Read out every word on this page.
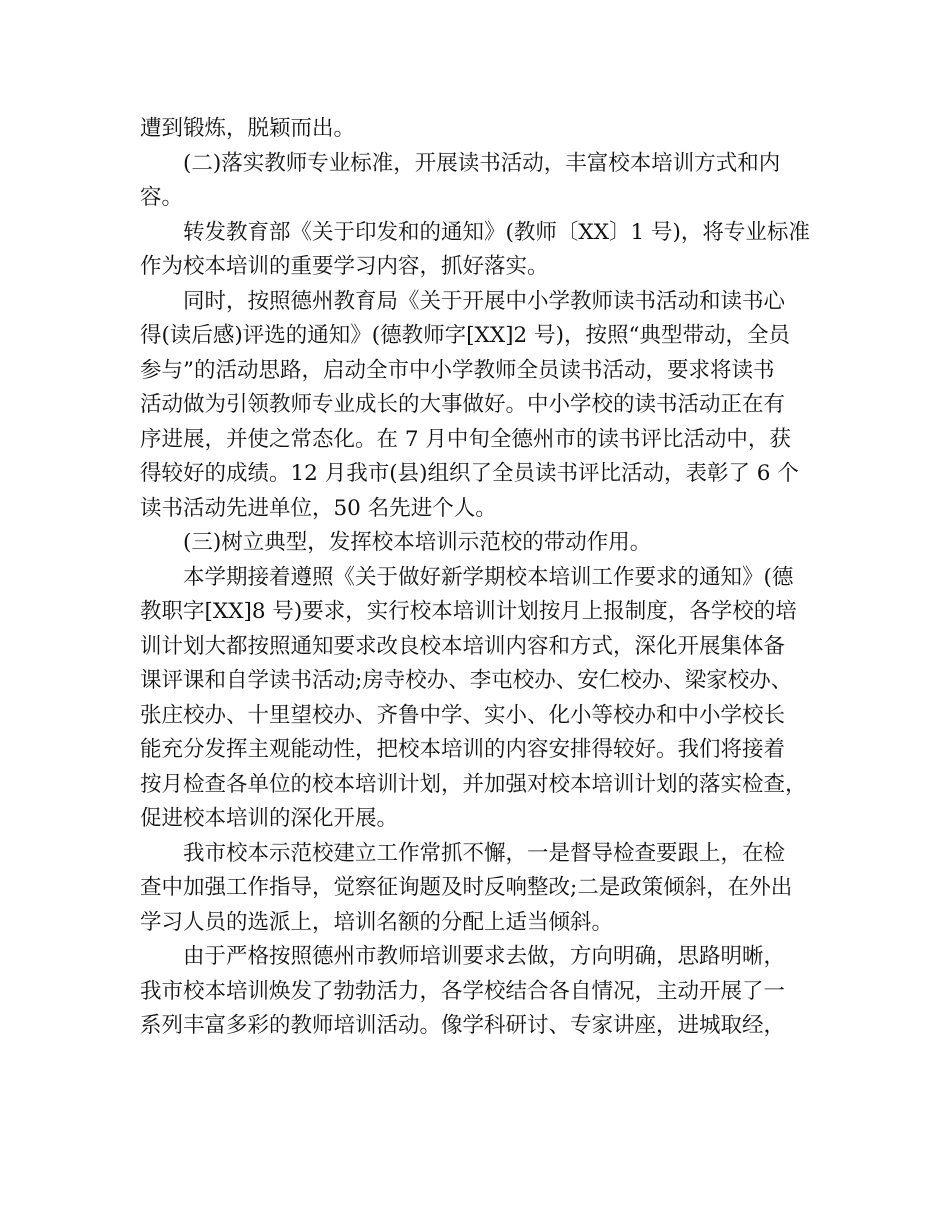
遭到锻炼，脱颖而出。
(二)落实教师专业标准，开展读书活动，丰富校本培训方式和内
容。
转发教育部《关于印发和的通知》(教师〔XX〕1 号)，将专业标准
作为校本培训的重要学习内容，抓好落实。
同时，按照德州教育局《关于开展中小学教师读书活动和读书心
得(读后感)评选的通知》(德教师字[XX]2 号)，按照“典型带动，全员
参与”的活动思路，启动全市中小学教师全员读书活动，要求将读书
活动做为引领教师专业成长的大事做好。中小学校的读书活动正在有
序进展，并使之常态化。在 7 月中旬全德州市的读书评比活动中，获
得较好的成绩。12 月我市(县)组织了全员读书评比活动，表彰了 6 个
读书活动先进单位，50 名先进个人。
(三)树立典型，发挥校本培训示范校的带动作用。
本学期接着遵照《关于做好新学期校本培训工作要求的通知》(德
教职字[XX]8 号)要求，实行校本培训计划按月上报制度，各学校的培
训计划大都按照通知要求改良校本培训内容和方式，深化开展集体备
课评课和自学读书活动;房寺校办、李屯校办、安仁校办、梁家校办、
张庄校办、十里望校办、齐鲁中学、实小、化小等校办和中小学校长
能充分发挥主观能动性，把校本培训的内容安排得较好。我们将接着
按月检查各单位的校本培训计划，并加强对校本培训计划的落实检查，
促进校本培训的深化开展。
我市校本示范校建立工作常抓不懈，一是督导检查要跟上，在检
查中加强工作指导，觉察征询题及时反响整改;二是政策倾斜，在外出
学习人员的选派上，培训名额的分配上适当倾斜。
由于严格按照德州市教师培训要求去做，方向明确，思路明晰，
我市校本培训焕发了勃勃活力，各学校结合各自情况，主动开展了一
系列丰富多彩的教师培训活动。像学科研讨、专家讲座，进城取经，
